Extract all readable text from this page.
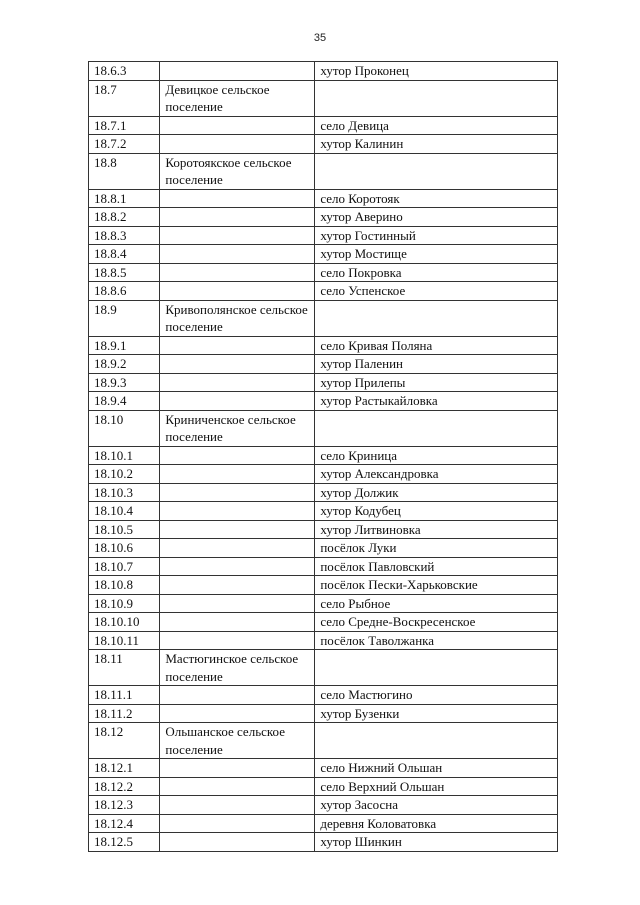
35
18.6.3		хутор Проконец
18.7	Девицкое сельское поселение	
18.7.1		село Девица
18.7.2		хутор Калинин
18.8	Коротоякское сельское поселение	
18.8.1		село Коротояк
18.8.2		хутор Аверино
18.8.3		хутор Гостинный
18.8.4		хутор Мостище
18.8.5		село Покровка
18.8.6		село Успенское
18.9	Кривополянское сельское поселение	
18.9.1		село Кривая Поляна
18.9.2		хутор Паленин
18.9.3		хутор Прилепы
18.9.4		хутор Растыкайловка
18.10	Криниченское сельское поселение	
18.10.1		село Криница
18.10.2		хутор Александровка
18.10.3		хутор Должик
18.10.4		хутор Кодубец
18.10.5		хутор Литвиновка
18.10.6		посёлок Луки
18.10.7		посёлок Павловский
18.10.8		посёлок Пески-Харьковские
18.10.9		село Рыбное
18.10.10		село Средне-Воскресенское
18.10.11		посёлок Таволжанка
18.11	Мастюгинское сельское поселение	
18.11.1		село Мастюгино
18.11.2		хутор Бузенки
18.12	Ольшанское сельское поселение	
18.12.1		село Нижний Ольшан
18.12.2		село Верхний Ольшан
18.12.3		хутор Засосна
18.12.4		деревня Коловатовка
18.12.5		хутор Шинкин
